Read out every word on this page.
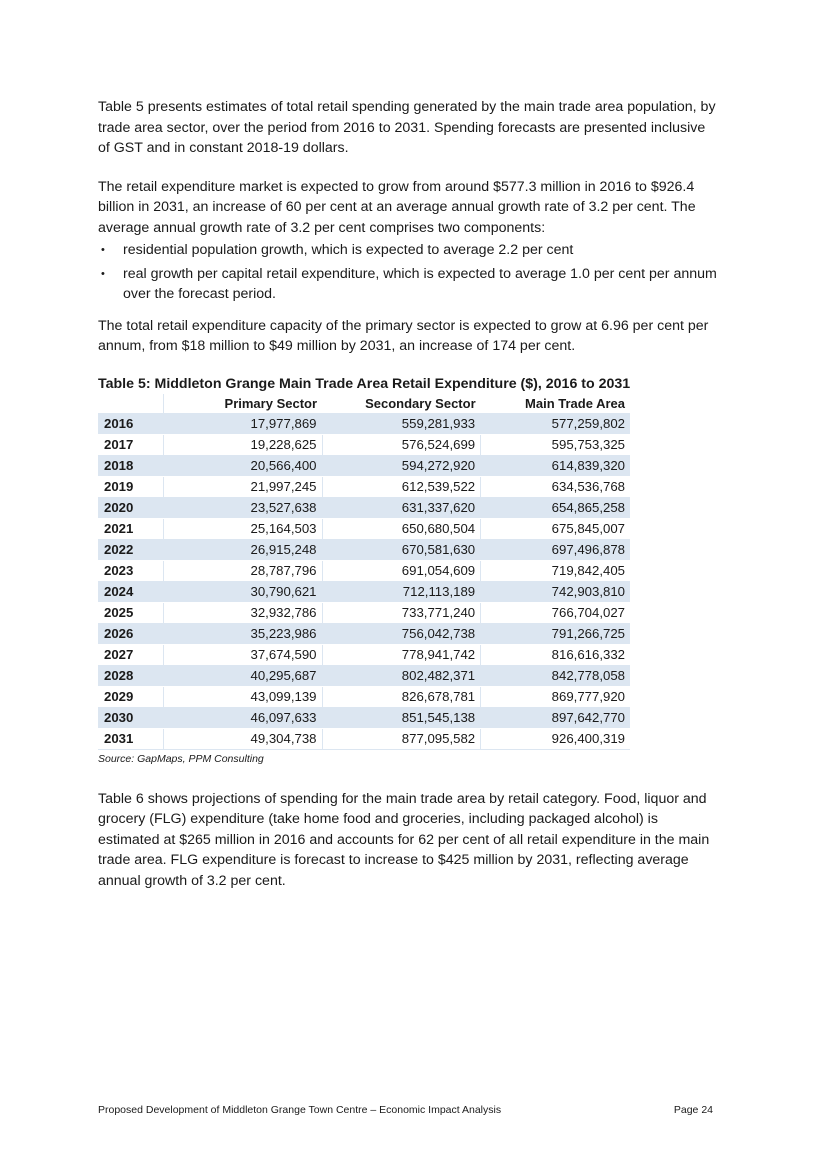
Table 5 presents estimates of total retail spending generated by the main trade area population, by trade area sector, over the period from 2016 to 2031. Spending forecasts are presented inclusive of GST and in constant 2018-19 dollars.

The retail expenditure market is expected to grow from around $577.3 million in 2016 to $926.4 billion in 2031, an increase of 60 per cent at an average annual growth rate of 3.2 per cent. The average annual growth rate of 3.2 per cent comprises two components:

• residential population growth, which is expected to average 2.2 per cent
• real growth per capital retail expenditure, which is expected to average 1.0 per cent per annum over the forecast period.

The total retail expenditure capacity of the primary sector is expected to grow at 6.96 per cent per annum, from $18 million to $49 million by 2031, an increase of 174 per cent.

Table 5: Middleton Grange Main Trade Area Retail Expenditure ($), 2016 to 2031
	Primary Sector	Secondary Sector	Main Trade Area
2016	17,977,869	559,281,933	577,259,802
2017	19,228,625	576,524,699	595,753,325
2018	20,566,400	594,272,920	614,839,320
2019	21,997,245	612,539,522	634,536,768
2020	23,527,638	631,337,620	654,865,258
2021	25,164,503	650,680,504	675,845,007
2022	26,915,248	670,581,630	697,496,878
2023	28,787,796	691,054,609	719,842,405
2024	30,790,621	712,113,189	742,903,810
2025	32,932,786	733,771,240	766,704,027
2026	35,223,986	756,042,738	791,266,725
2027	37,674,590	778,941,742	816,616,332
2028	40,295,687	802,482,371	842,778,058
2029	43,099,139	826,678,781	869,777,920
2030	46,097,633	851,545,138	897,642,770
2031	49,304,738	877,095,582	926,400,319
Source: GapMaps, PPM Consulting

Table 6 shows projections of spending for the main trade area by retail category. Food, liquor and grocery (FLG) expenditure (take home food and groceries, including packaged alcohol) is estimated at $265 million in 2016 and accounts for 62 per cent of all retail expenditure in the main trade area. FLG expenditure is forecast to increase to $425 million by 2031, reflecting average annual growth of 3.2 per cent.

Proposed Development of Middleton Grange Town Centre – Economic Impact Analysis	Page 24
